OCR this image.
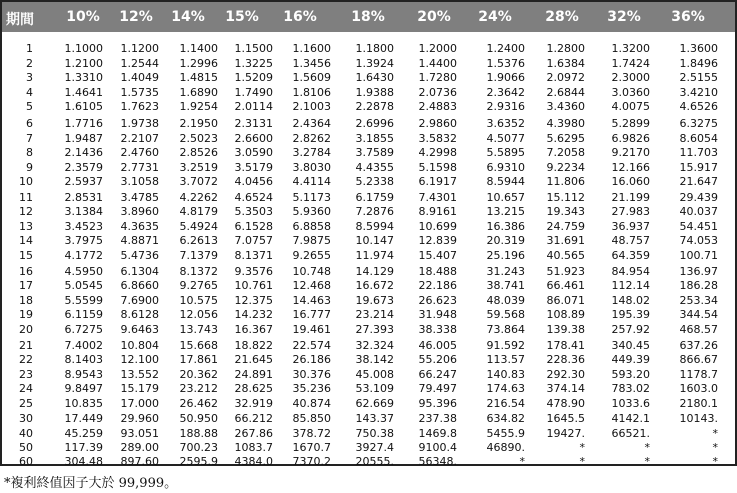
期間 10% 12% 14% 15% 16% 18% 20% 24% 28% 32% 36%
1	1.1000 1.1200 1.1400 1.1500 1.1600 1.1800 1.2000	1.2400 1.2800 1.3200	1.3600
2	1.2100 1.2544 1.2996 1.3225 1.3456 1.3924 1.4400	1.5376 1.6384 1.7424	1.8496
3	1.3310 1.4049 1.4815 1.5209 1.5609 1.6430 1.7280	1.9066 2.0972 2.3000	2.5155
4	1.4641 1.5735 1.6890 1.7490 1.8106 1.9388 2.0736	2.3642 2.6844 3.0360	3.4210
5	1.6105 1.7623 1.9254 2.0114 2.1003 2.2878 2.4883	2.9316 3.4360 4.0075	4.6526
6	1.7716 1.9738 2.1950 2.3131 2.4364 2.6996 2.9860	3.6352 4.3980 5.2899	6.3275
7	1.9487 2.2107 2.5023 2.6600 2.8262 3.1855 3.5832	4.5077 5.6295 6.9826	8.6054
8	2.1436 2.4760 2.8526 3.0590 3.2784 3.7589 4.2998	5.5895 7.2058 9.2170	11.703
9	2.3579 2.7731 3.2519 3.5179 3.8030 4.4355 5.1598	6.9310 9.2234 12.166	15.917
10	2.5937 3.1058 3.7072 4.0456 4.4114 5.2338 6.1917	8.5944 11.806 16.060	21.647
11	2.8531 3.4785 4.2262 4.6524 5.1173 6.1759 7.4301	10.657 15.112 21.199	29.439
12	3.1384 3.8960 4.8179 5.3503 5.9360 7.2876 8.9161	13.215 19.343 27.983	40.037
13	3.4523 4.3635 5.4924 6.1528 6.8858 8.5994 10.699	16.386 24.759 36.937	54.451
14	3.7975 4.8871 6.2613 7.0757 7.9875 10.147 12.839	20.319 31.691 48.757	74.053
15	4.1772 5.4736 7.1379 8.1371 9.2655 11.974 15.407	25.196 40.565 64.359	100.71
16	4.5950 6.1304 8.1372 9.3576 10.748 14.129 18.488	31.243 51.923 84.954	136.97
17	5.0545 6.8660 9.2765 10.761 12.468 16.672 22.186	38.741 66.461 112.14	186.28
18	5.5599 7.6900 10.575 12.375 14.463 19.673 26.623	48.039 86.071 148.02	253.34
19	6.1159 8.6128 12.056 14.232 16.777 23.214 31.948	59.568 108.89 195.39	344.54
20	6.7275 9.6463 13.743 16.367 19.461 27.393 38.338	73.864 139.38 257.92	468.57
21	7.4002 10.804 15.668 18.822 22.574 32.324 46.005	91.592 178.41 340.45	637.26
22	8.1403 12.100 17.861 21.645 26.186 38.142 55.206	113.57 228.36 449.39	866.67
23	8.9543 13.552 20.362 24.891 30.376 45.008 66.247	140.83 292.30 593.20	1178.7
24	9.8497 15.179 23.212 28.625 35.236 53.109 79.497	174.63 374.14 783.02	1603.0
25	10.835 17.000 26.462 32.919 40.874 62.669 95.396	216.54 478.90 1033.6	2180.1
30	17.449 29.960 50.950 66.212 85.850 143.37 237.38	634.82 1645.5 4142.1	10143.
40	45.259 93.051 188.88 267.86 378.72 750.38 1469.8	5455.9 19427. 66521.	*
50	117.39 289.00 700.23 1083.7 1670.7 3927.4 9100.4	46890.	*	*	*
60	304.48 897.60 2595.9 4384.0 7370.2 20555. 56348.	*	*	*	*
*複利終值因子大於 99,999。
